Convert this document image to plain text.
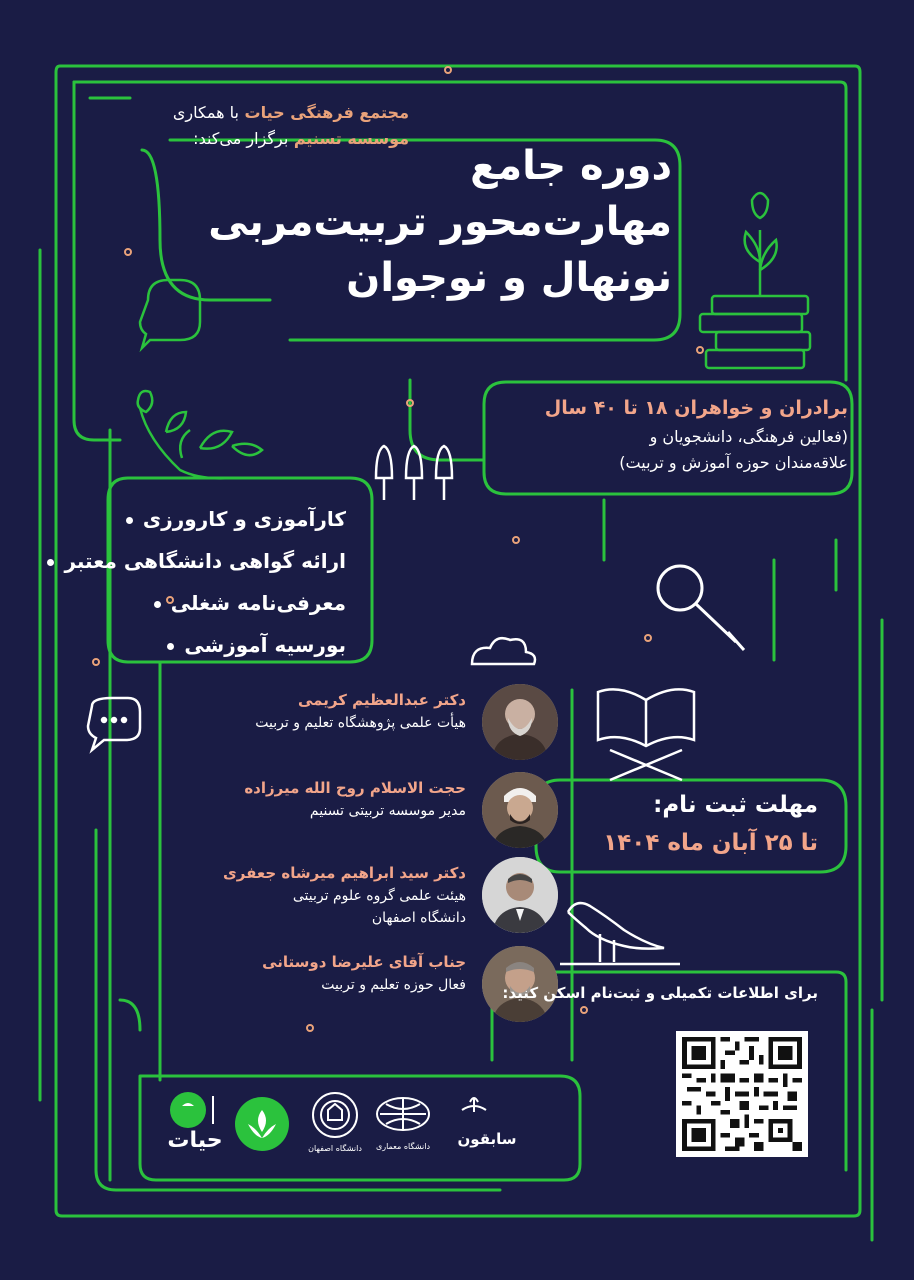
مجتمع فرهنگی حیات با همکاری
موسسه تسنیم برگزار می‌کند:
دوره جامع
مهارت‌محور تربیت‌مربی
نونهال و نوجوان
برادران و خواهران ۱۸ تا ۴۰ سال
(فعالین فرهنگی، دانشجویان و
علاقه‌مندان حوزه آموزش و تربیت)
کارآموزی و کارورزی
ارائه گواهی دانشگاهی معتبر
معرفی‌نامه شغلی
بورسیه آموزشی
دکتر عبدالعظیم کریمی
هیأت علمی پژوهشگاه تعلیم و تربیت
حجت الاسلام روح الله میرزاده
مدیر موسسه تربیتی تسنیم
دکتر سید ابراهیم میرشاه جعفری
هیئت علمی گروه علوم تربیتی
دانشگاه اصفهان
جناب آقای علیرضا دوستانی
فعال حوزه تعلیم و تربیت
مهلت ثبت نام:
تا ۲۵ آبان ماه ۱۴۰۴
برای اطلاعات تکمیلی و ثبت‌نام اسکن کنید:
سابقون
دانشگاه معماری
دانشگاه اصفهان
حیات
